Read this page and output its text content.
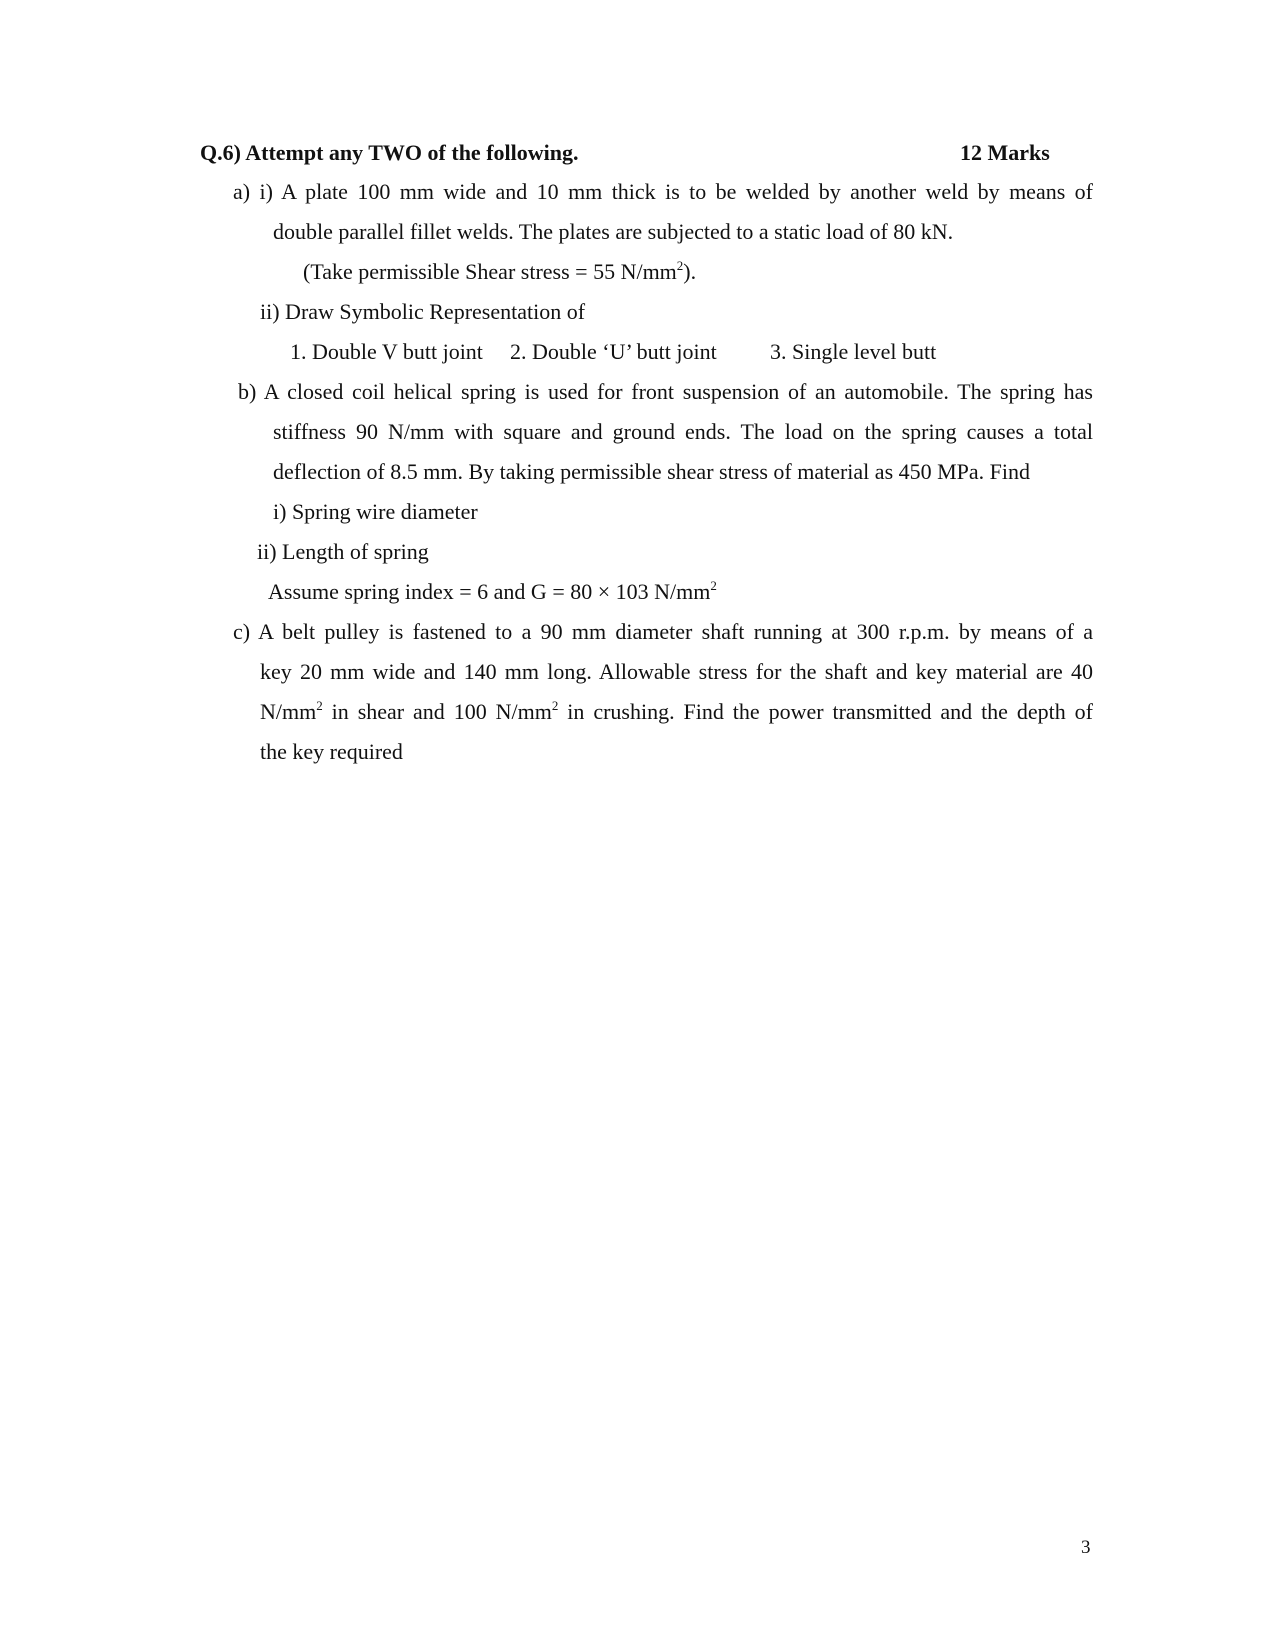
Q.6) Attempt any TWO of the following.	12 Marks
a) i) A plate 100 mm wide and 10 mm thick is to be welded by another weld by means of
double parallel fillet welds. The plates are subjected to a static load of 80 kN.
(Take permissible Shear stress = 55 $N/mm^2$).
ii) Draw Symbolic Representation of
1. Double V butt joint 2. Double ‘U’ butt joint 3. Single level butt
b) A closed coil helical spring is used for front suspension of an automobile. The spring has
stiffness 90 N/mm with square and ground ends. The load on the spring causes a total
deflection of 8.5 mm. By taking permissible shear stress of material as 450 MPa. Find
i) Spring wire diameter
ii) Length of spring
Assume spring index = 6 and G = 80 × 103 $N/mm^2$
c) A belt pulley is fastened to a 90 mm diameter shaft running at 300 r.p.m. by means of a
key 20 mm wide and 140 mm long. Allowable stress for the shaft and key material are 40
$N/mm^2$ in shear and 100 $N/mm^2$ in crushing. Find the power transmitted and the depth of
the key required
3
